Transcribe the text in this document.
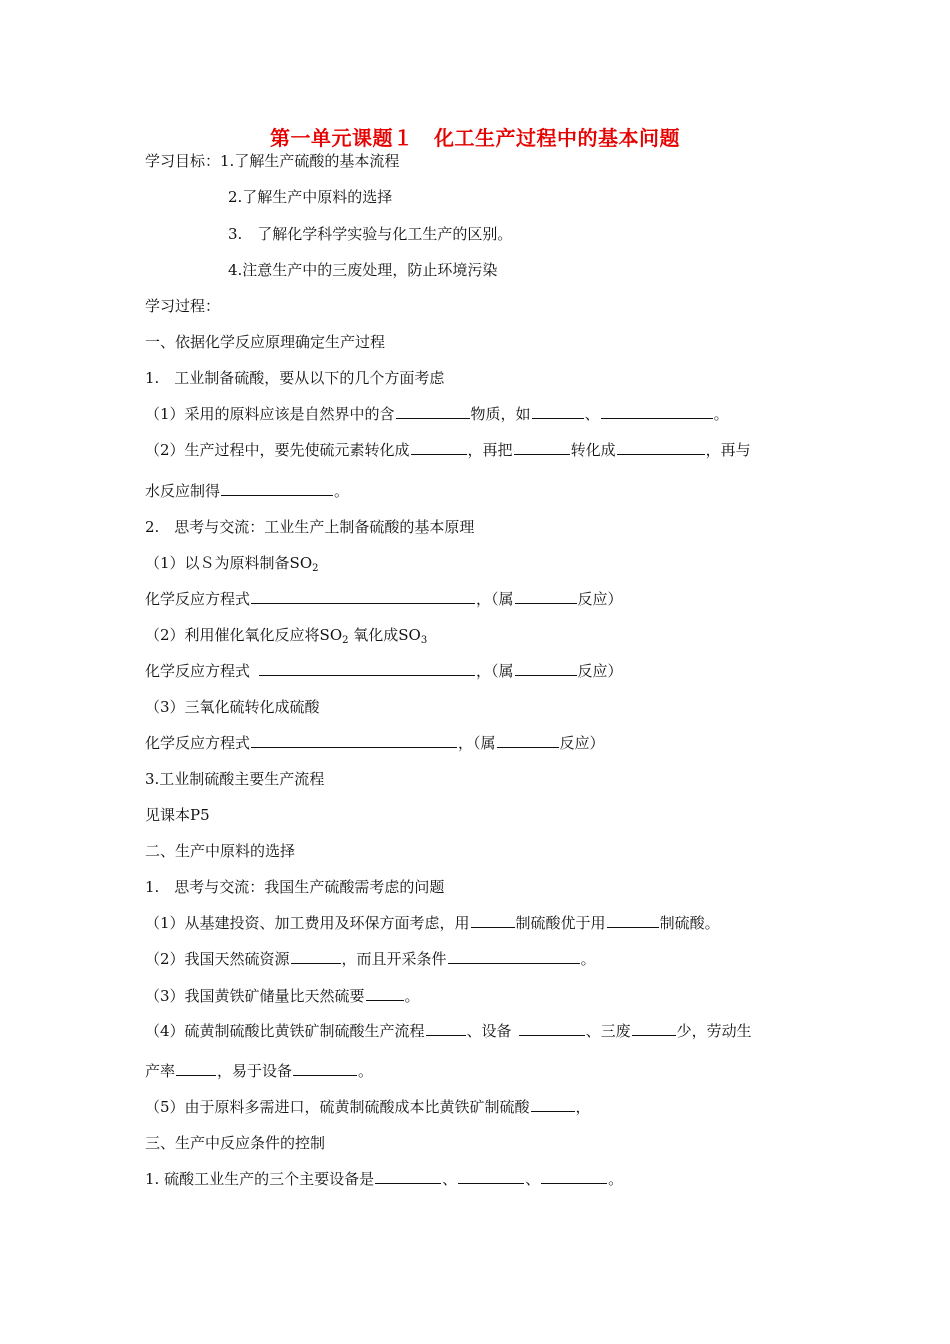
第一单元课题１　化工生产过程中的基本问题
学习目标：1.了解生产硫酸的基本流程
2.了解生产中原料的选择
3.　了解化学科学实验与化工生产的区别。
4.注意生产中的三废处理，防止环境污染
学习过程：
一、依据化学反应原理确定生产过程
1.　工业制备硫酸，要从以下的几个方面考虑
（1）采用的原料应该是自然界中的含	物质，如	、	。
（2）生产过程中，要先使硫元素转化成	，再把	转化成	，再与
水反应制得	。
2.　思考与交流：工业生产上制备硫酸的基本原理
（1）以Ｓ为原料制备$SO_2$
化学反应方程式	，（属	反应）
（2）利用催化氧化反应将$SO_2$ 氧化成$SO_3$
化学反应方程式	，（属	反应）
（3）三氧化硫转化成硫酸
化学反应方程式	，（属	反应）
3.工业制硫酸主要生产流程
见课本P5
二、生产中原料的选择
1.　思考与交流：我国生产硫酸需考虑的问题
（1）从基建投资、加工费用及环保方面考虑，用	制硫酸优于用	制硫酸。
（2）我国天然硫资源	，而且开采条件	。
（3）我国黄铁矿储量比天然硫要	。
（4）硫黄制硫酸比黄铁矿制硫酸生产流程	、设备	、三废	少，劳动生
产率	，易于设备	。
（5）由于原料多需进口，硫黄制硫酸成本比黄铁矿制硫酸	，
三、生产中反应条件的控制
1. 硫酸工业生产的三个主要设备是	、	、	。
